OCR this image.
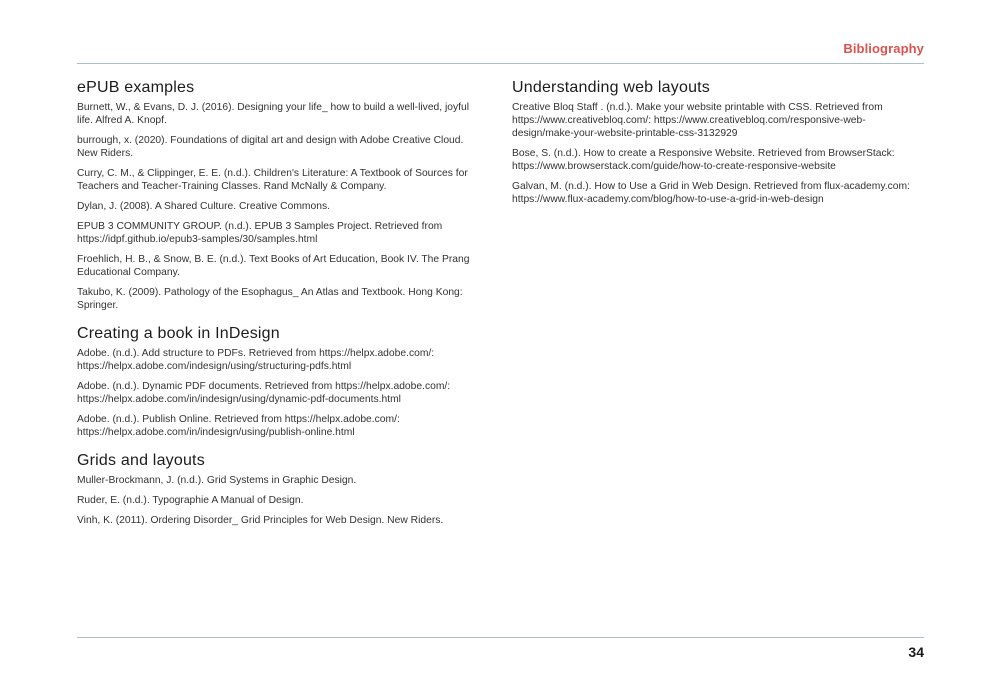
Bibliography
ePUB examples

Burnett, W., & Evans, D. J. (2016). Designing your life_ how to build a well-lived, joyful life. Alfred A. Knopf.

burrough, x. (2020). Foundations of digital art and design with Adobe Creative Cloud. New Riders.

Curry, C. M., & Clippinger, E. E. (n.d.). Children's Literature: A Textbook of Sources for Teachers and Teacher-Training Classes. Rand McNally & Company.

Dylan, J. (2008). A Shared Culture. Creative Commons.

EPUB 3 COMMUNITY GROUP. (n.d.). EPUB 3 Samples Project. Retrieved from https://idpf.github.io/epub3-samples/30/samples.html

Froehlich, H. B., & Snow, B. E. (n.d.). Text Books of Art Education, Book IV. The Prang Educational Company.

Takubo, K. (2009). Pathology of the Esophagus_ An Atlas and Textbook. Hong Kong: Springer.

Creating a book in InDesign

Adobe. (n.d.). Add structure to PDFs. Retrieved from https://helpx.adobe.com/: https://helpx.adobe.com/indesign/using/structuring-pdfs.html

Adobe. (n.d.). Dynamic PDF documents. Retrieved from https://helpx.adobe.com/: https://helpx.adobe.com/in/indesign/using/dynamic-pdf-documents.html

Adobe. (n.d.). Publish Online. Retrieved from https://helpx.adobe.com/: https://helpx.adobe.com/in/indesign/using/publish-online.html

Grids and layouts

Muller-Brockmann, J. (n.d.). Grid Systems in Graphic Design.

Ruder, E. (n.d.). Typographie A Manual of Design.

Vinh, K. (2011). Ordering Disorder_ Grid Principles for Web Design. New Riders.

Understanding web layouts

Creative Bloq Staff . (n.d.). Make your website printable with CSS. Retrieved from https://www.creativebloq.com/: https://www.creativebloq.com/responsive-web-design/make-your-website-printable-css-3132929

Bose, S. (n.d.). How to create a Responsive Website. Retrieved from BrowserStack: https://www.browserstack.com/guide/how-to-create-responsive-website

Galvan, M. (n.d.). How to Use a Grid in Web Design. Retrieved from flux-academy.com: https://www.flux-academy.com/blog/how-to-use-a-grid-in-web-design

34
